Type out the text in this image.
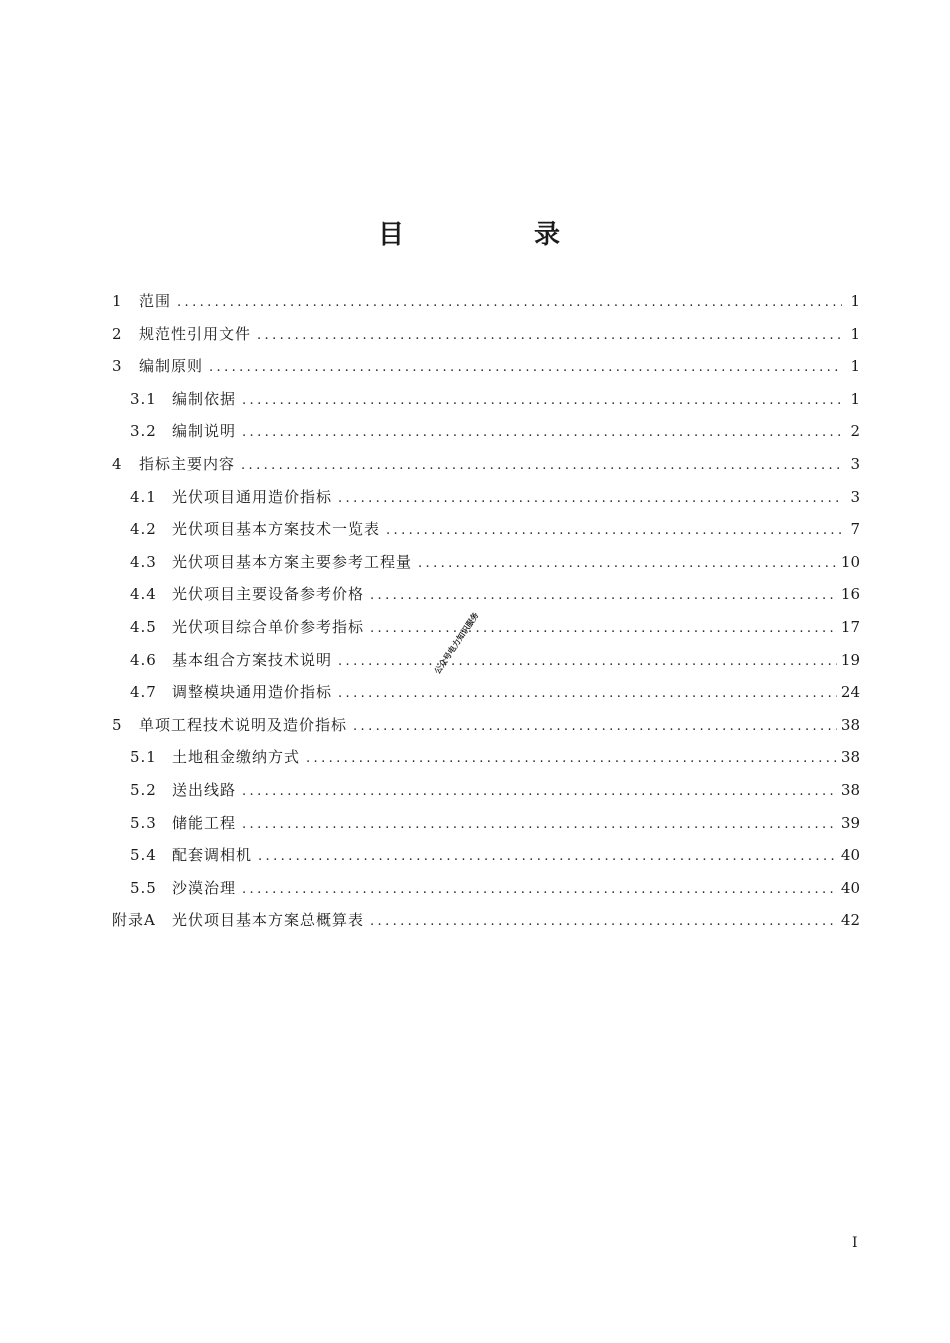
目　录
1	范围 .....	1
2	规范性引用文件 .....	1
3	编制原则 .....	1
3.1	编制依据 .....	1
3.2	编制说明 .....	2
4	指标主要内容 .....	3
4.1	光伏项目通用造价指标 .....	3
4.2	光伏项目基本方案技术一览表 .....	7
4.3	光伏项目基本方案主要参考工程量 .....	10
4.4	光伏项目主要设备参考价格 .....	16
4.5	光伏项目综合单价参考指标 .....	17
4.6	基本组合方案技术说明 .....	19
4.7	调整模块通用造价指标 .....	24
5	单项工程技术说明及造价指标 .....	38
5.1	土地租金缴纳方式 .....	38
5.2	送出线路 .....	38
5.3	储能工程 .....	39
5.4	配套调相机 .....	40
5.5	沙漠治理 .....	40
附录A	光伏项目基本方案总概算表 .....	42
公众号电力知识服务
I
